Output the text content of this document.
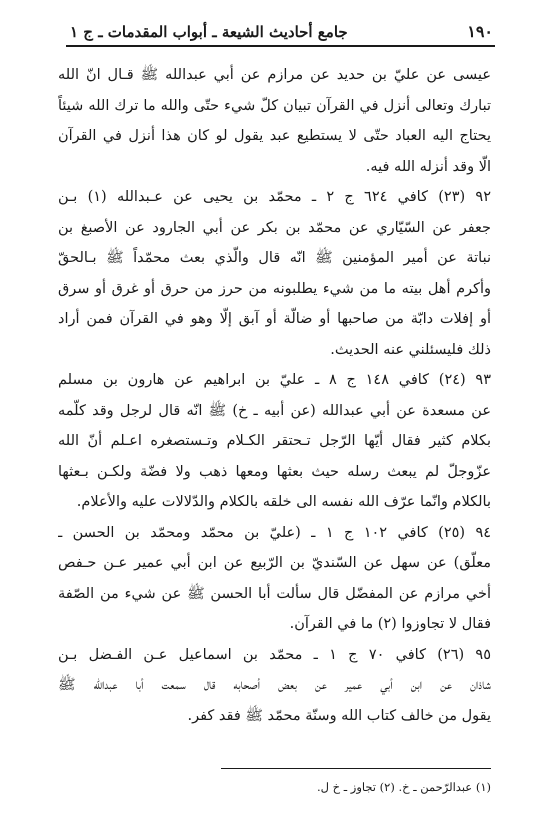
١٩٠
جامع أحاديث الشيعة ـ أبواب المقدمات ـ ج ١

عيسى عن عليّ بن حديد عن مرازم عن أبي عبدالله ﷺ قـال انّ الله
تبارك وتعالى أنزل في القرآن تبيان كلّ شيء حتّى والله ما ترك الله شيئاً
يحتاج اليه العباد حتّى لا يستطيع عبد يقول لو كان هذا أنزل في القرآن
الّا وقد أنزله الله فيه.

٩٢ (٢٣) كافي ٦٢٤ ج ٢ ـ محمّد بن يحيى عن عـبدالله (١) بـن
جعفر عن السّيّاري عن محمّد بن بكر عن أبي الجارود عن الأصبغ بن
نباتة عن أمير المؤمنين ﷺ انّه قال والّذي بعث محمّداً ﷺ بـالحقّ
وأكرم أهل بيته ما من شيء يطلبونه من حرز من حرق أو غرق أو سرق
أو إفلات دابّة من صاحبها أو ضالّة أو آبق إلّا وهو في القرآن فمن أراد
ذلك فليسئلني عنه الحديث.

٩٣ (٢٤) كافي ١٤٨ ج ٨ ـ عليّ بن ابراهيم عن هارون بن مسلم
عن مسعدة عن أبي عبدالله (عن أبيه ـ خ) ﷺ انّه قال لرجل وقد كلّمه
بكلام كثير فقال أيّها الرّجل تـحتقر الكـلام وتـستصغره اعـلم أنّ الله
عزّوجلّ لم يبعث رسله حيث بعثها ومعها ذهب ولا فضّة ولكـن بـعثها
بالكلام وانّما عرّف الله نفسه الى خلقه بالكلام والدّلالات عليه والأعلام.

٩٤ (٢٥) كافي ١٠٢ ج ١ ـ (عليّ بن محمّد ومحمّد بن الحسن ـ
معلّق) عن سهل عن السّنديّ بن الرّبيع عن ابن أبي عمير عـن حـفص
أخي مرازم عن المفضّل قال سألت أبا الحسن ﷺ عن شيء من الصّفة
فقال لا تجاوزوا (٢) ما في القرآن.

٩٥ (٢٦) كافي ٧٠ ج ١ ـ محمّد بن اسماعيل عـن الفـضل بـن
شاذان عن ابن أبي عمير عن بعض أصحابه قال سمعت أبا عبدالله ﷺ
يقول من خالف كتاب الله وسنّة محمّد ﷺ فقد كفر.

(١) عبدالرّحمن ـ خ. (٢) تجاوز ـ خ ل.
